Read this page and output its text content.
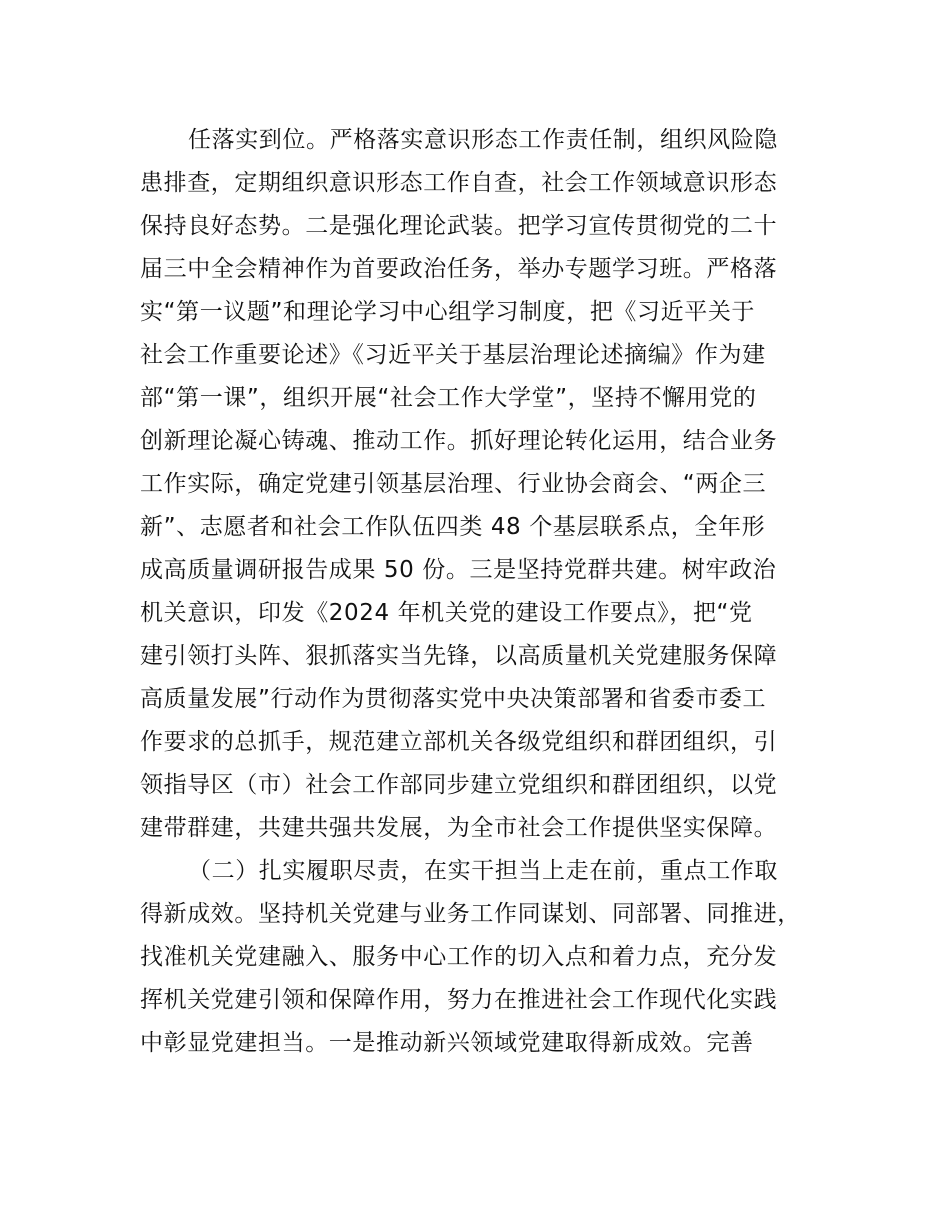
任落实到位。严格落实意识形态工作责任制，组织风险隐
患排查，定期组织意识形态工作自查，社会工作领域意识形态
保持良好态势。二是强化理论武装。把学习宣传贯彻党的二十
届三中全会精神作为首要政治任务，举办专题学习班。严格落
实“第一议题”和理论学习中心组学习制度，把《习近平关于
社会工作重要论述》《习近平关于基层治理论述摘编》作为建
部“第一课”，组织开展“社会工作大学堂”，坚持不懈用党的
创新理论凝心铸魂、推动工作。抓好理论转化运用，结合业务
工作实际，确定党建引领基层治理、行业协会商会、“两企三
新”、志愿者和社会工作队伍四类 48 个基层联系点，全年形
成高质量调研报告成果 50 份。三是坚持党群共建。树牢政治
机关意识，印发《2024 年机关党的建设工作要点》，把“党
建引领打头阵、狠抓落实当先锋，以高质量机关党建服务保障
高质量发展”行动作为贯彻落实党中央决策部署和省委市委工
作要求的总抓手，规范建立部机关各级党组织和群团组织，引
领指导区（市）社会工作部同步建立党组织和群团组织，以党
建带群建，共建共强共发展，为全市社会工作提供坚实保障。
（二）扎实履职尽责，在实干担当上走在前，重点工作取
得新成效。坚持机关党建与业务工作同谋划、同部署、同推进，
找准机关党建融入、服务中心工作的切入点和着力点，充分发
挥机关党建引领和保障作用，努力在推进社会工作现代化实践
中彰显党建担当。一是推动新兴领域党建取得新成效。完善
